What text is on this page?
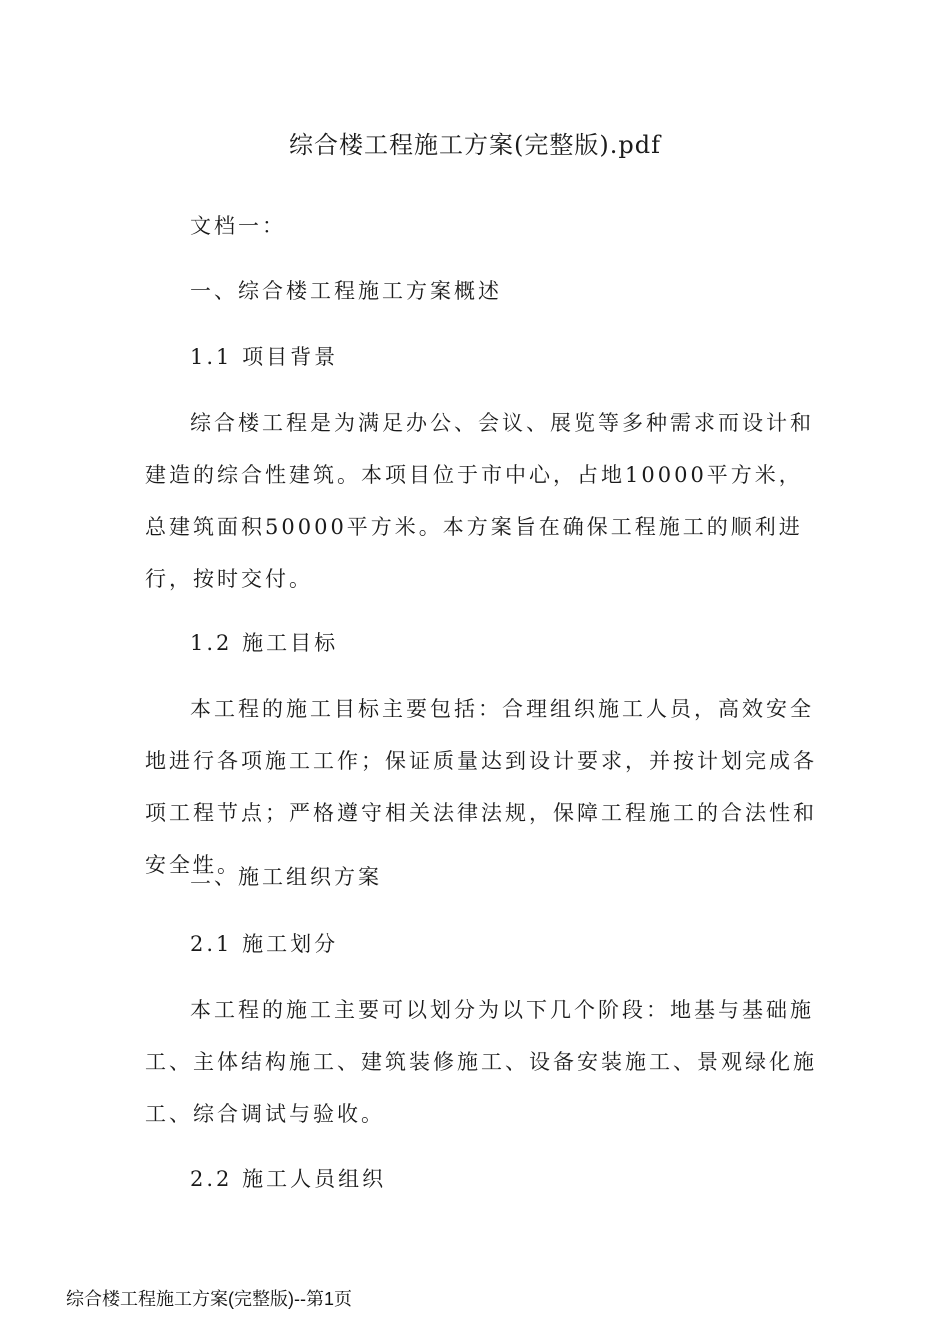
综合楼工程施工方案(完整版).pdf
文档一：
一、综合楼工程施工方案概述
1.1 项目背景

综合楼工程是为满足办公、会议、展览等多种需求而设计和建造的综合性建筑。本项目位于市中心，占地10000平方米，总建筑面积50000平方米。本方案旨在确保工程施工的顺利进行，按时交付。

1.2 施工目标

本工程的施工目标主要包括：合理组织施工人员，高效安全地进行各项施工工作；保证质量达到设计要求，并按计划完成各项工程节点；严格遵守相关法律法规，保障工程施工的合法性和安全性。

二、施工组织方案
2.1 施工划分

本工程的施工主要可以划分为以下几个阶段：地基与基础施工、主体结构施工、建筑装修施工、设备安装施工、景观绿化施工、综合调试与验收。

2.2 施工人员组织
综合楼工程施工方案(完整版)--第1页
